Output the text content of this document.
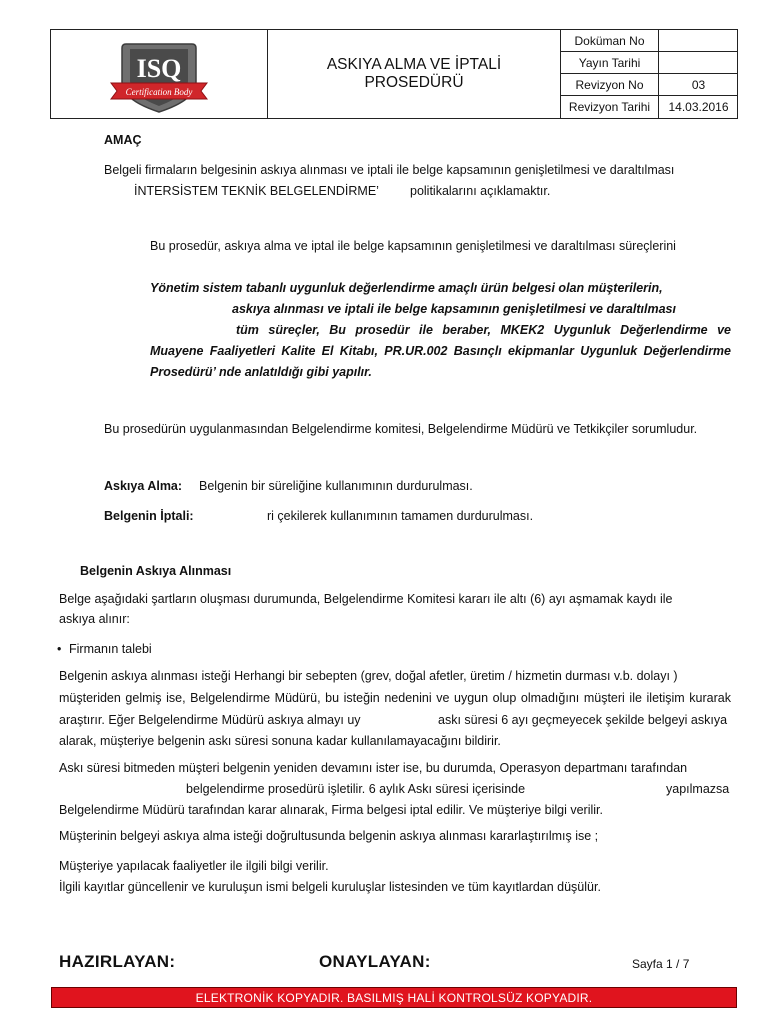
ISQ
Certification Body
ASKIYA ALMA VE İPTALİ
PROSEDÜRÜ
Doküman No
Yayın Tarihi
Revizyon No	03
Revizyon Tarihi	14.03.2016
AMAÇ
Belgeli firmaların belgesinin askıya alınması ve iptali ile belge kapsamının genişletilmesi ve daraltılması
İNTERSİSTEM TEKNİK BELGELENDİRME’ politikalarını açıklamaktır.
Bu prosedür, askıya alma ve iptal ile belge kapsamının genişletilmesi ve daraltılması süreçlerini
Yönetim sistem tabanlı uygunluk değerlendirme amaçlı ürün belgesi olan müşterilerin,
askıya alınması ve iptali ile belge kapsamının genişletilmesi ve daraltılması
tüm süreçler, Bu prosedür ile beraber, MKEK2 Uygunluk Değerlendirme ve
Muayene Faaliyetleri Kalite El Kitabı, PR.UR.002 Basınçlı ekipmanlar Uygunluk Değerlendirme
Prosedürü’ nde anlatıldığı gibi yapılır.
Bu prosedürün uygulanmasından Belgelendirme komitesi, Belgelendirme Müdürü ve Tetkikçiler sorumludur.
Askıya Alma: Belgenin bir süreliğine kullanımının durdurulması.
Belgenin İptali:	ri çekilerek kullanımının tamamen durdurulması.
Belgenin Askıya Alınması
Belge aşağıdaki şartların oluşması durumunda, Belgelendirme Komitesi kararı ile altı (6) ayı aşmamak kaydı ile
askıya alınır:
• Firmanın talebi
Belgenin askıya alınması isteği Herhangi bir sebepten (grev, doğal afetler, üretim / hizmetin durması v.b. dolayı )
müşteriden gelmiş ise, Belgelendirme Müdürü, bu isteğin nedenini ve uygun olup olmadığını müşteri ile iletişim kurarak
araştırır. Eğer Belgelendirme Müdürü askıya almayı uy	askı süresi 6 ayı geçmeyecek şekilde belgeyi askıya
alarak, müşteriye belgenin askı süresi sonuna kadar kullanılamayacağını bildirir.
Askı süresi bitmeden müşteri belgenin yeniden devamını ister ise, bu durumda, Operasyon departmanı tarafından
belgelendirme prosedürü işletilir. 6 aylık Askı süresi içerisinde	yapılmazsa
Belgelendirme Müdürü tarafından karar alınarak, Firma belgesi iptal edilir. Ve müşteriye bilgi verilir.
Müşterinin belgeyi askıya alma isteği doğrultusunda belgenin askıya alınması kararlaştırılmış ise ;
Müşteriye yapılacak faaliyetler ile ilgili bilgi verilir.
İlgili kayıtlar güncellenir ve kuruluşun ismi belgeli kuruluşlar listesinden ve tüm kayıtlardan düşülür.
HAZIRLAYAN:	ONAYLAYAN:	Sayfa 1 / 7
ELEKTRONİK KOPYADIR. BASILMIŞ HALİ KONTROLSÜZ KOPYADIR.
